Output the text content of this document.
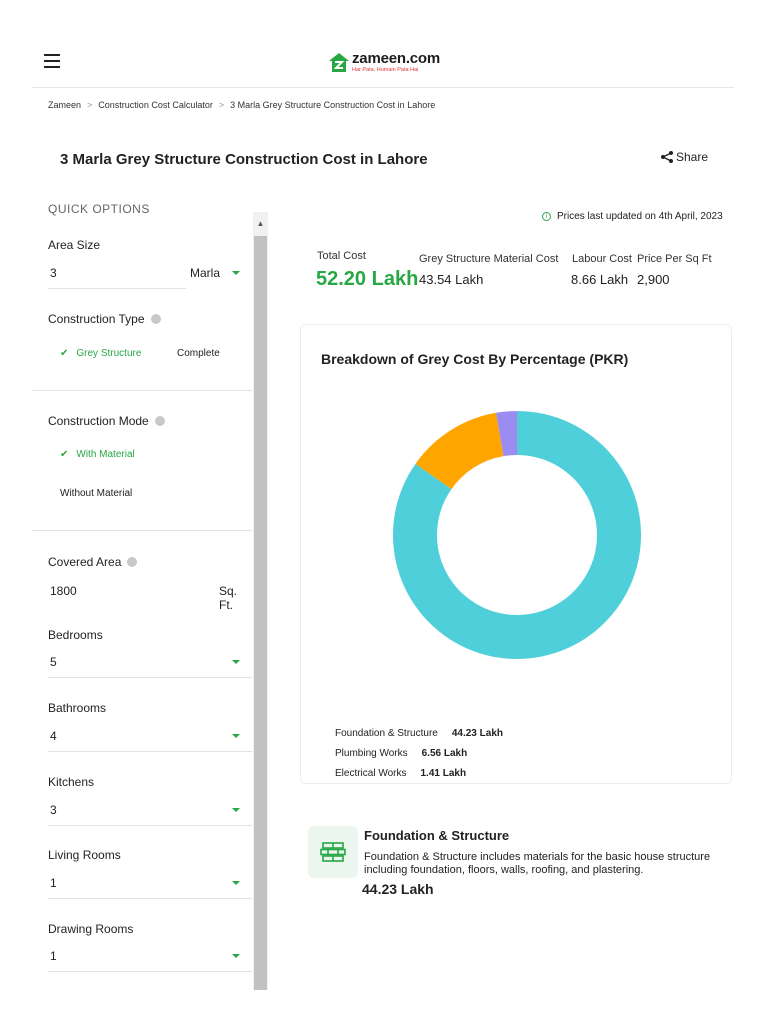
zameen.com
Har Pata, Humain Pata Hai
Zameen > Construction Cost Calculator > 3 Marla Grey Structure Construction Cost in Lahore
3 Marla Grey Structure Construction Cost in Lahore	Share
QUICK OPTIONS
Area Size
3	Marla
Construction Type
✔ Grey Structure	Complete
Construction Mode
✔ With Material
Without Material
Covered Area
1800	Sq. Ft.
Bedrooms
5
Bathrooms
4
Kitchens
3
Living Rooms
1
Drawing Rooms
1
▲
i Prices last updated on 4th April, 2023
Total Cost
52.20 Lakh
Grey Structure Material Cost
43.54 Lakh
Labour Cost
8.66 Lakh
Price Per Sq Ft
2,900
Breakdown of Grey Cost By Percentage (PKR)
Foundation & Structure 44.23 Lakh
Plumbing Works 6.56 Lakh
Electrical Works 1.41 Lakh
Foundation & Structure
Foundation & Structure includes materials for the basic house structure including foundation, floors, walls, roofing, and plastering.
44.23 Lakh
